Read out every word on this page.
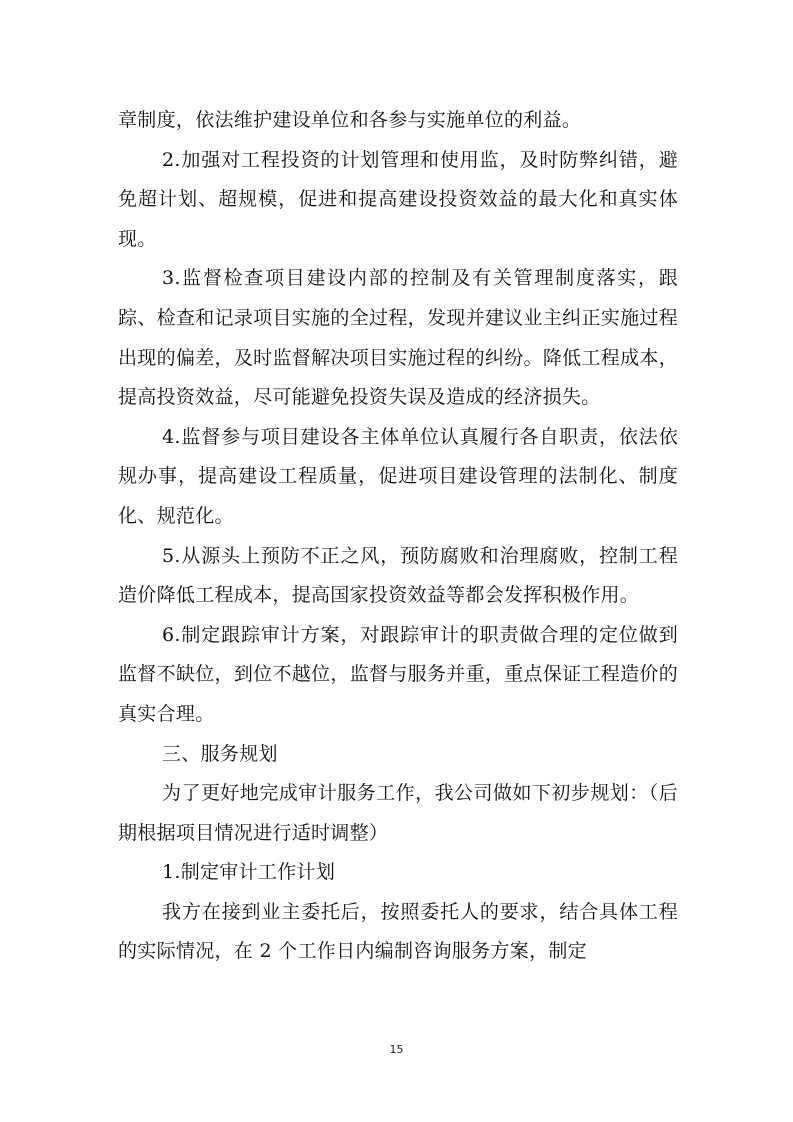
章制度，依法维护建设单位和各参与实施单位的利益。

2.加强对工程投资的计划管理和使用监，及时防弊纠错，避免超计划、超规模，促进和提高建设投资效益的最大化和真实体现。

3.监督检查项目建设内部的控制及有关管理制度落实，跟踪、检查和记录项目实施的全过程，发现并建议业主纠正实施过程出现的偏差，及时监督解决项目实施过程的纠纷。降低工程成本，提高投资效益，尽可能避免投资失误及造成的经济损失。

4.监督参与项目建设各主体单位认真履行各自职责，依法依规办事，提高建设工程质量，促进项目建设管理的法制化、制度化、规范化。

5.从源头上预防不正之风，预防腐败和治理腐败，控制工程造价降低工程成本，提高国家投资效益等都会发挥积极作用。

6.制定跟踪审计方案，对跟踪审计的职责做合理的定位做到监督不缺位，到位不越位，监督与服务并重，重点保证工程造价的真实合理。

三、服务规划

为了更好地完成审计服务工作，我公司做如下初步规划：（后期根据项目情况进行适时调整）

1.制定审计工作计划

我方在接到业主委托后，按照委托人的要求，结合具体工程的实际情况，在 2 个工作日内编制咨询服务方案，制定

15
